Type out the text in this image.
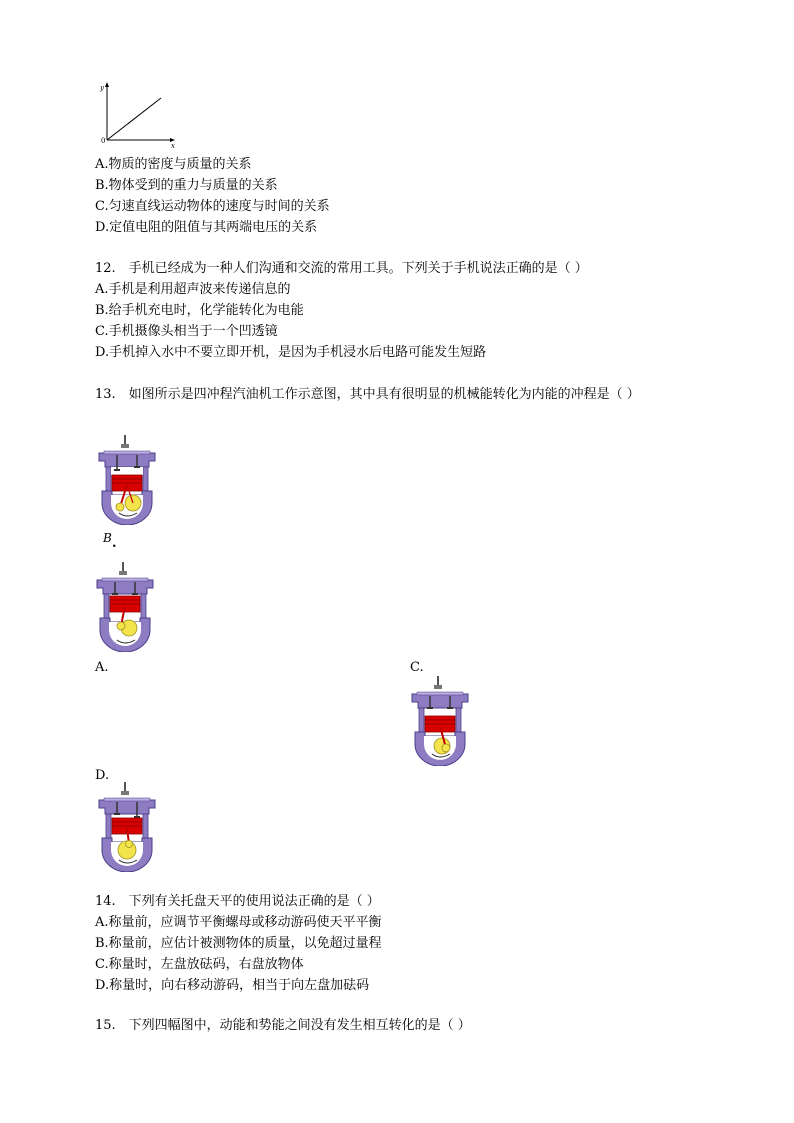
y
0
x
A.物质的密度与质量的关系
B.物体受到的重力与质量的关系
C.匀速直线运动物体的速度与时间的关系
D.定值电阻的阻值与其两端电压的关系
12.　手机已经成为一种人们沟通和交流的常用工具。下列关于手机说法正确的是（ ）
A.手机是利用超声波来传递信息的
B.给手机充电时，化学能转化为电能
C.手机摄像头相当于一个凹透镜
D.手机掉入水中不要立即开机，是因为手机浸水后电路可能发生短路
13.　如图所示是四冲程汽油机工作示意图，其中具有很明显的机械能转化为内能的冲程是（ ）
B .
A.	C.
D.
14.　下列有关托盘天平的使用说法正确的是（ ）
A.称量前，应调节平衡螺母或移动游码使天平平衡
B.称量前，应估计被测物体的质量，以免超过量程
C.称量时，左盘放砝码，右盘放物体
D.称量时，向右移动游码，相当于向左盘加砝码
15.　下列四幅图中，动能和势能之间没有发生相互转化的是（ ）
